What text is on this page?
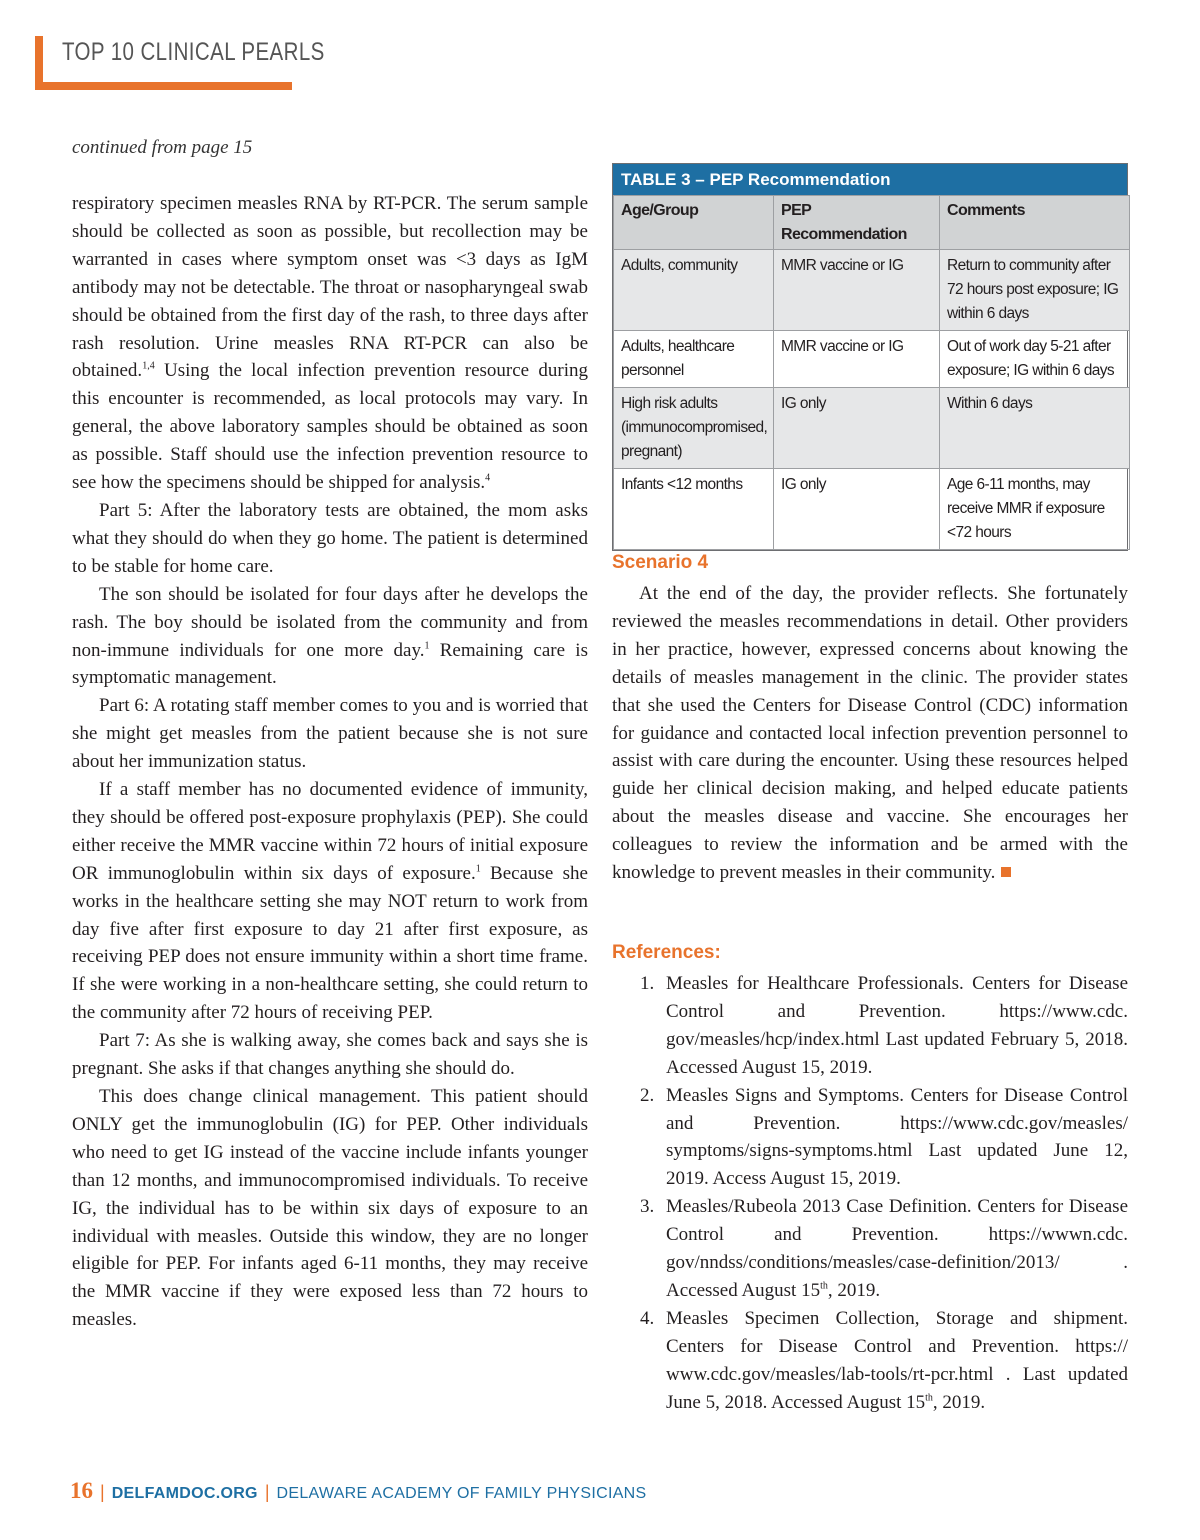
TOP 10 CLINICAL PEARLS
continued from page 15

respiratory specimen measles RNA by RT-PCR. The serum sample should be collected as soon as possible, but recollection may be warranted in cases where symptom onset was <3 days as IgM antibody may not be detectable. The throat or nasopharyngeal swab should be obtained from the first day of the rash, to three days after rash resolution. Urine measles RNA RT-PCR can also be obtained.$^{1,4}$ Using the local infection prevention resource during this encounter is recommended, as local protocols may vary. In general, the above laboratory samples should be obtained as soon as possible. Staff should use the infection prevention resource to see how the specimens should be shipped for analysis.$^4$

Part 5: After the laboratory tests are obtained, the mom asks what they should do when they go home. The patient is determined to be stable for home care.

The son should be isolated for four days after he develops the rash. The boy should be isolated from the community and from non-immune individuals for one more day.$^1$ Remaining care is symptomatic management.

Part 6: A rotating staff member comes to you and is worried that she might get measles from the patient because she is not sure about her immunization status.

If a staff member has no documented evidence of immunity, they should be offered post-exposure prophylaxis (PEP). She could either receive the MMR vaccine within 72 hours of initial exposure OR immunoglobulin within six days of exposure.$^1$ Because she works in the healthcare setting she may NOT return to work from day five after first exposure to day 21 after first exposure, as receiving PEP does not ensure immunity within a short time frame. If she were working in a non-healthcare setting, she could return to the community after 72 hours of receiving PEP.

Part 7: As she is walking away, she comes back and says she is pregnant. She asks if that changes anything she should do.

This does change clinical management. This patient should ONLY get the immunoglobulin (IG) for PEP. Other individuals who need to get IG instead of the vaccine include infants younger than 12 months, and immunocompromised individuals. To receive IG, the individual has to be within six days of exposure to an individual with measles. Outside this window, they are no longer eligible for PEP. For infants aged 6-11 months, they may receive the MMR vaccine if they were exposed less than 72 hours to measles.

TABLE 3 – PEP Recommendation
Age/Group	PEP Recommendation	Comments
Adults, community	MMR vaccine or IG	Return to community after 72 hours post exposure; IG within 6 days
Adults, healthcare personnel	MMR vaccine or IG	Out of work day 5-21 after exposure; IG within 6 days
High risk adults (immunocompromised, pregnant)	IG only	Within 6 days
Infants <12 months	IG only	Age 6-11 months, may receive MMR if exposure <72 hours
Scenario 4

At the end of the day, the provider reflects. She fortunately reviewed the measles recommendations in detail. Other providers in her practice, however, expressed concerns about knowing the details of measles management in the clinic. The provider states that she used the Centers for Disease Control (CDC) information for guidance and contacted local infection prevention personnel to assist with care during the encounter. Using these resources helped guide her clinical decision making, and helped educate patients about the measles disease and vaccine. She encourages her colleagues to review the information and be armed with the knowledge to prevent measles in their community.

References:
1. Measles for Healthcare Professionals. Centers for Disease Control and Prevention. https://www.cdc. gov/measles/hcp/index.html Last updated February 5, 2018. Accessed August 15, 2019.
2. Measles Signs and Symptoms. Centers for Disease Control and Prevention. https://www.cdc.gov/measles/ symptoms/signs-symptoms.html Last updated June 12, 2019. Access August 15, 2019.
3. Measles/Rubeola 2013 Case Definition. Centers for Disease Control and Prevention. https://wwwn.cdc. gov/nndss/conditions/measles/case-definition/2013/ . Accessed August 15th, 2019.
4. Measles Specimen Collection, Storage and shipment. Centers for Disease Control and Prevention. https:// www.cdc.gov/measles/lab-tools/rt-pcr.html . Last updated June 5, 2018. Accessed August 15th, 2019.
16 | DELFAMDOC.ORG | DELAWARE ACADEMY OF FAMILY PHYSICIANS
